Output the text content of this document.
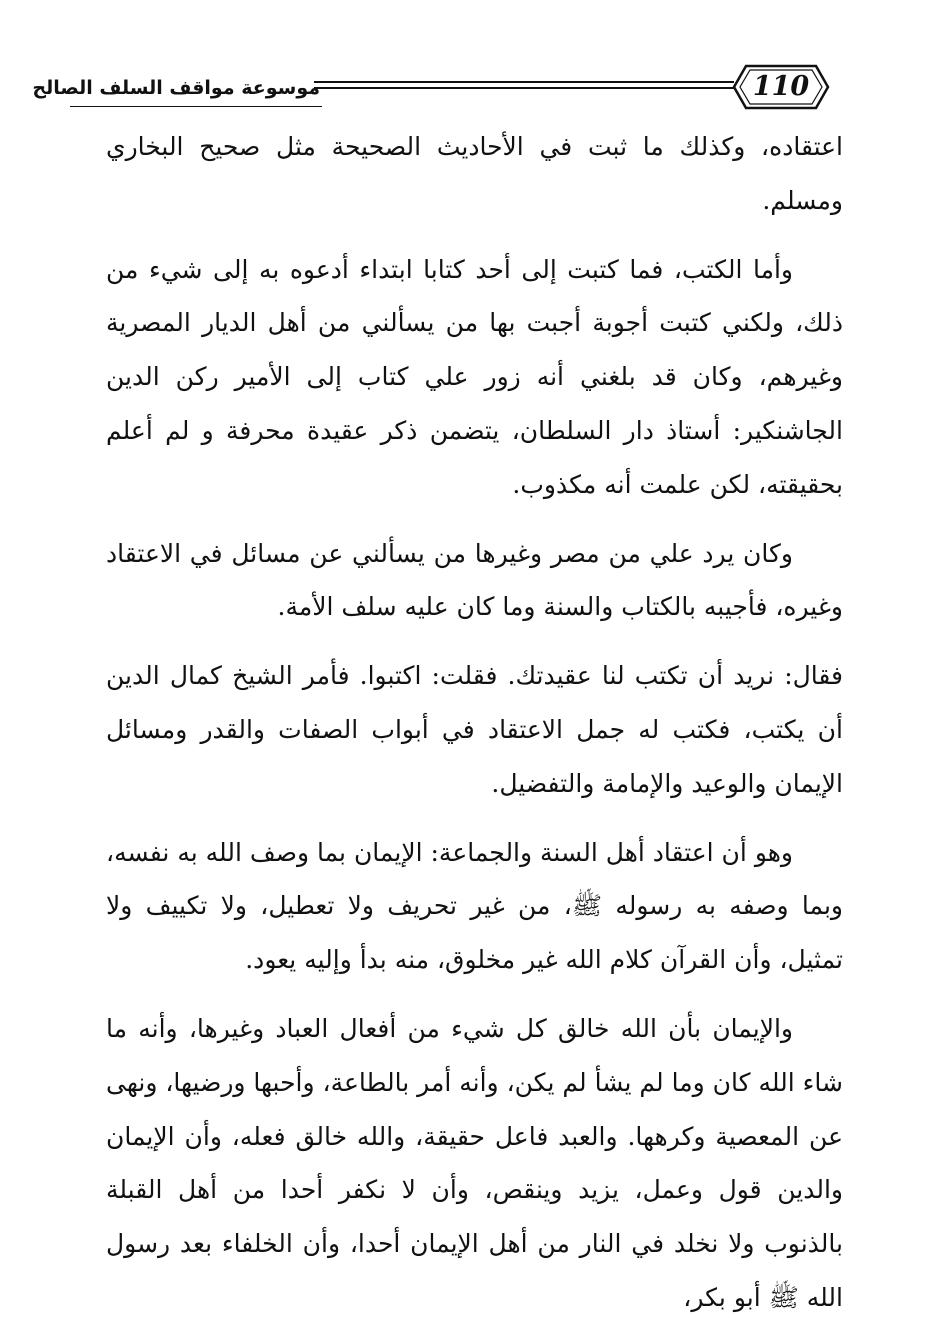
110
موسوعة مواقف السلف الصالح

اعتقاده، وكذلك ما ثبت في الأحاديث الصحيحة مثل صحيح البخاري ومسلم.

وأما الكتب، فما كتبت إلى أحد كتابا ابتداء أدعوه به إلى شيء من ذلك، ولكني كتبت أجوبة أجبت بها من يسألني من أهل الديار المصرية وغيرهم، وكان قد بلغني أنه زور علي كتاب إلى الأمير ركن الدين الجاشنكير: أستاذ دار السلطان، يتضمن ذكر عقيدة محرفة و لم أعلم بحقيقته، لكن علمت أنه مكذوب.

وكان يرد علي من مصر وغيرها من يسألني عن مسائل في الاعتقاد وغيره، فأجيبه بالكتاب والسنة وما كان عليه سلف الأمة.

فقال: نريد أن تكتب لنا عقيدتك. فقلت: اكتبوا. فأمر الشيخ كمال الدين أن يكتب، فكتب له جمل الاعتقاد في أبواب الصفات والقدر ومسائل الإيمان والوعيد والإمامة والتفضيل.

وهو أن اعتقاد أهل السنة والجماعة: الإيمان بما وصف الله به نفسه، وبما وصفه به رسوله ﷺ، من غير تحريف ولا تعطيل، ولا تكييف ولا تمثيل، وأن القرآن كلام الله غير مخلوق، منه بدأ وإليه يعود.

والإيمان بأن الله خالق كل شيء من أفعال العباد وغيرها، وأنه ما شاء الله كان وما لم يشأ لم يكن، وأنه أمر بالطاعة، وأحبها ورضيها، ونهى عن المعصية وكرهها. والعبد فاعل حقيقة، والله خالق فعله، وأن الإيمان والدين قول وعمل، يزيد وينقص، وأن لا نكفر أحدا من أهل القبلة بالذنوب ولا نخلد في النار من أهل الإيمان أحدا، وأن الخلفاء بعد رسول الله ﷺ أبو بكر،
